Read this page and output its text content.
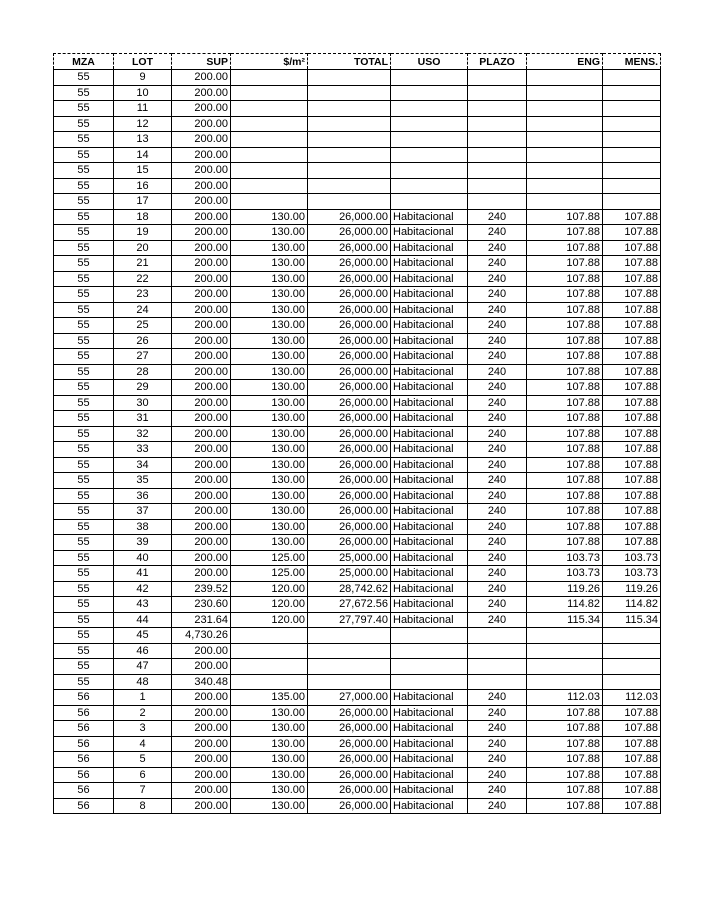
MZA	LOT	SUP	$/m²	TOTAL	USO	PLAZO	ENG	MENS.
55	9	200.00						
55	10	200.00						
55	11	200.00						
55	12	200.00						
55	13	200.00						
55	14	200.00						
55	15	200.00						
55	16	200.00						
55	17	200.00						
55	18	200.00	130.00	26,000.00	Habitacional	240	107.88	107.88
55	19	200.00	130.00	26,000.00	Habitacional	240	107.88	107.88
55	20	200.00	130.00	26,000.00	Habitacional	240	107.88	107.88
55	21	200.00	130.00	26,000.00	Habitacional	240	107.88	107.88
55	22	200.00	130.00	26,000.00	Habitacional	240	107.88	107.88
55	23	200.00	130.00	26,000.00	Habitacional	240	107.88	107.88
55	24	200.00	130.00	26,000.00	Habitacional	240	107.88	107.88
55	25	200.00	130.00	26,000.00	Habitacional	240	107.88	107.88
55	26	200.00	130.00	26,000.00	Habitacional	240	107.88	107.88
55	27	200.00	130.00	26,000.00	Habitacional	240	107.88	107.88
55	28	200.00	130.00	26,000.00	Habitacional	240	107.88	107.88
55	29	200.00	130.00	26,000.00	Habitacional	240	107.88	107.88
55	30	200.00	130.00	26,000.00	Habitacional	240	107.88	107.88
55	31	200.00	130.00	26,000.00	Habitacional	240	107.88	107.88
55	32	200.00	130.00	26,000.00	Habitacional	240	107.88	107.88
55	33	200.00	130.00	26,000.00	Habitacional	240	107.88	107.88
55	34	200.00	130.00	26,000.00	Habitacional	240	107.88	107.88
55	35	200.00	130.00	26,000.00	Habitacional	240	107.88	107.88
55	36	200.00	130.00	26,000.00	Habitacional	240	107.88	107.88
55	37	200.00	130.00	26,000.00	Habitacional	240	107.88	107.88
55	38	200.00	130.00	26,000.00	Habitacional	240	107.88	107.88
55	39	200.00	130.00	26,000.00	Habitacional	240	107.88	107.88
55	40	200.00	125.00	25,000.00	Habitacional	240	103.73	103.73
55	41	200.00	125.00	25,000.00	Habitacional	240	103.73	103.73
55	42	239.52	120.00	28,742.62	Habitacional	240	119.26	119.26
55	43	230.60	120.00	27,672.56	Habitacional	240	114.82	114.82
55	44	231.64	120.00	27,797.40	Habitacional	240	115.34	115.34
55	45	4,730.26						
55	46	200.00						
55	47	200.00						
55	48	340.48						
56	1	200.00	135.00	27,000.00	Habitacional	240	112.03	112.03
56	2	200.00	130.00	26,000.00	Habitacional	240	107.88	107.88
56	3	200.00	130.00	26,000.00	Habitacional	240	107.88	107.88
56	4	200.00	130.00	26,000.00	Habitacional	240	107.88	107.88
56	5	200.00	130.00	26,000.00	Habitacional	240	107.88	107.88
56	6	200.00	130.00	26,000.00	Habitacional	240	107.88	107.88
56	7	200.00	130.00	26,000.00	Habitacional	240	107.88	107.88
56	8	200.00	130.00	26,000.00	Habitacional	240	107.88	107.88
